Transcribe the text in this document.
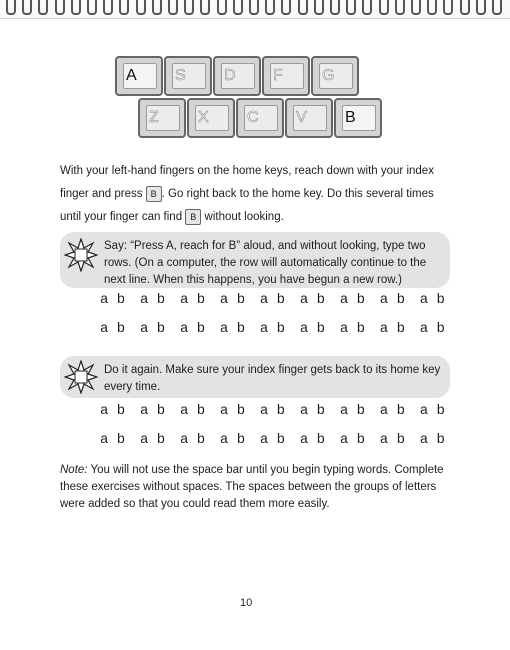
A S D F G
Z X C V B
With your left-hand fingers on the home keys, reach down with your index finger and press B . Go right back to the home key. Do this several times until your finger can find B without looking.
Say: “Press A, reach for B” aloud, and without looking, type two rows. (On a computer, the row will automatically continue to the next line. When this happens, you have begun a new row.)
a b a b a b a b a b a b a b a b a b
a b a b a b a b a b a b a b a b a b
Do it again. Make sure your index finger gets back to its home key every time.
a b a b a b a b a b a b a b a b a b
a b a b a b a b a b a b a b a b a b
Note: You will not use the space bar until you begin typing words. Complete these exercises without spaces. The spaces between the groups of letters were added so that you could read them more easily.
10
